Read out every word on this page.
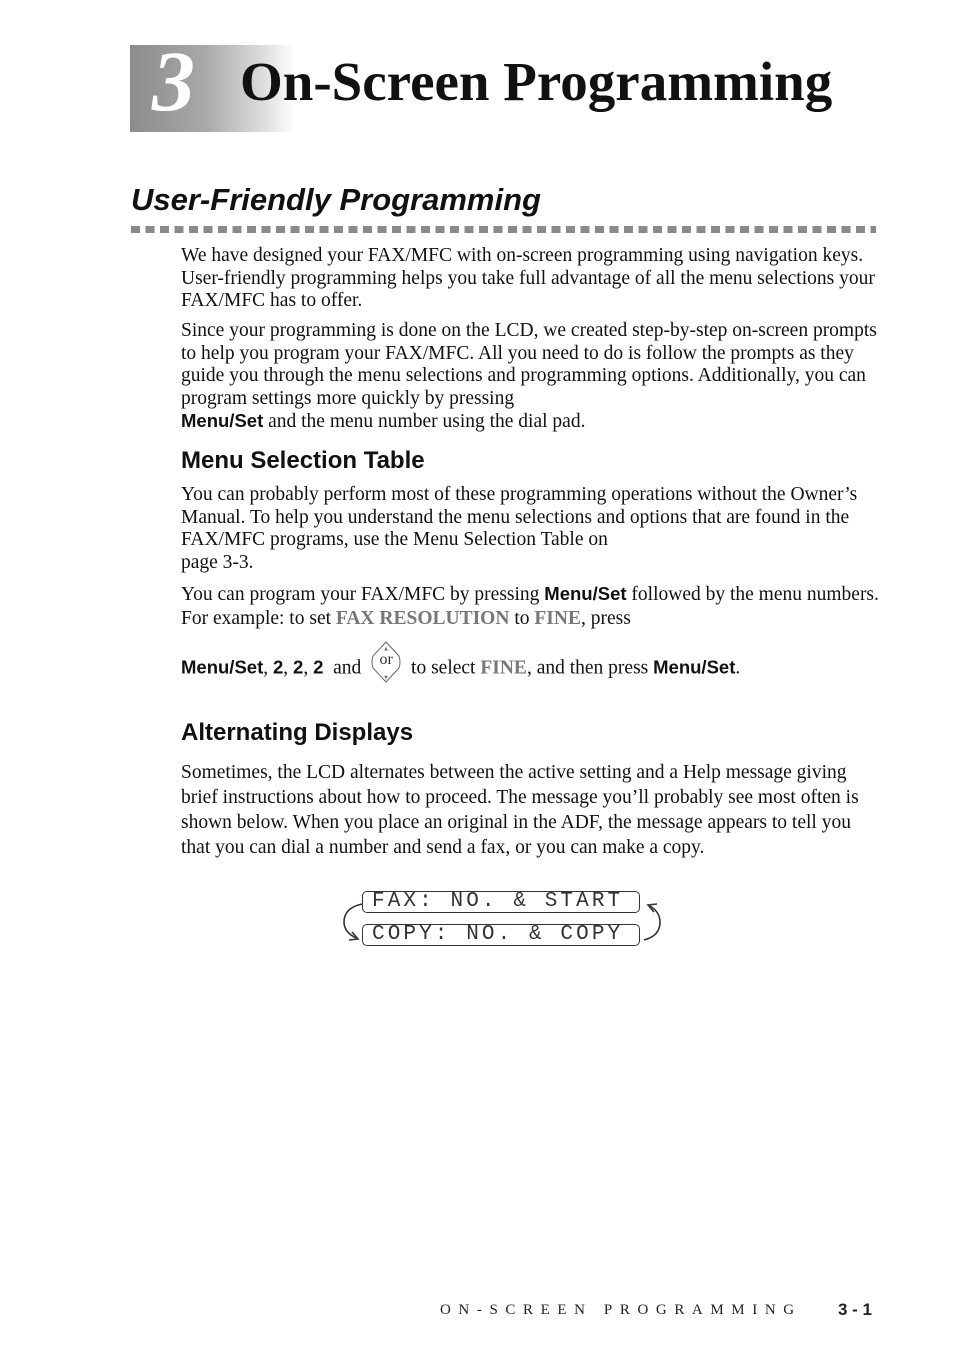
3 On-Screen Programming
User-Friendly Programming

We have designed your FAX/MFC with on-screen programming using navigation keys. User-friendly programming helps you take full advantage of all the menu selections your FAX/MFC has to offer.

Since your programming is done on the LCD, we created step-by-step on-screen prompts to help you program your FAX/MFC. All you need to do is follow the prompts as they guide you through the menu selections and programming options. Additionally, you can program settings more quickly by pressing
Menu/Set and the menu number using the dial pad.

Menu Selection Table

You can probably perform most of these programming operations without the Owner’s Manual. To help you understand the menu selections and options that are found in the FAX/MFC programs, use the Menu Selection Table on
page 3-3.

You can program your FAX/MFC by pressing Menu/Set followed by the menu numbers. For example: to set FAX RESOLUTION to FINE, press

Menu/Set, 2, 2, 2 and
▲
▼
or to select FINE, and then press Menu/Set.
Alternating Displays

Sometimes, the LCD alternates between the active setting and a Help message giving brief instructions about how to proceed. The message you’ll probably see most often is shown below. When you place an original in the ADF, the message appears to tell you that you can dial a number and send a fax, or you can make a copy.

FAX: NO. & START
COPY: NO. & COPY
ON-SCREEN PROGRAMMING 3 - 1
